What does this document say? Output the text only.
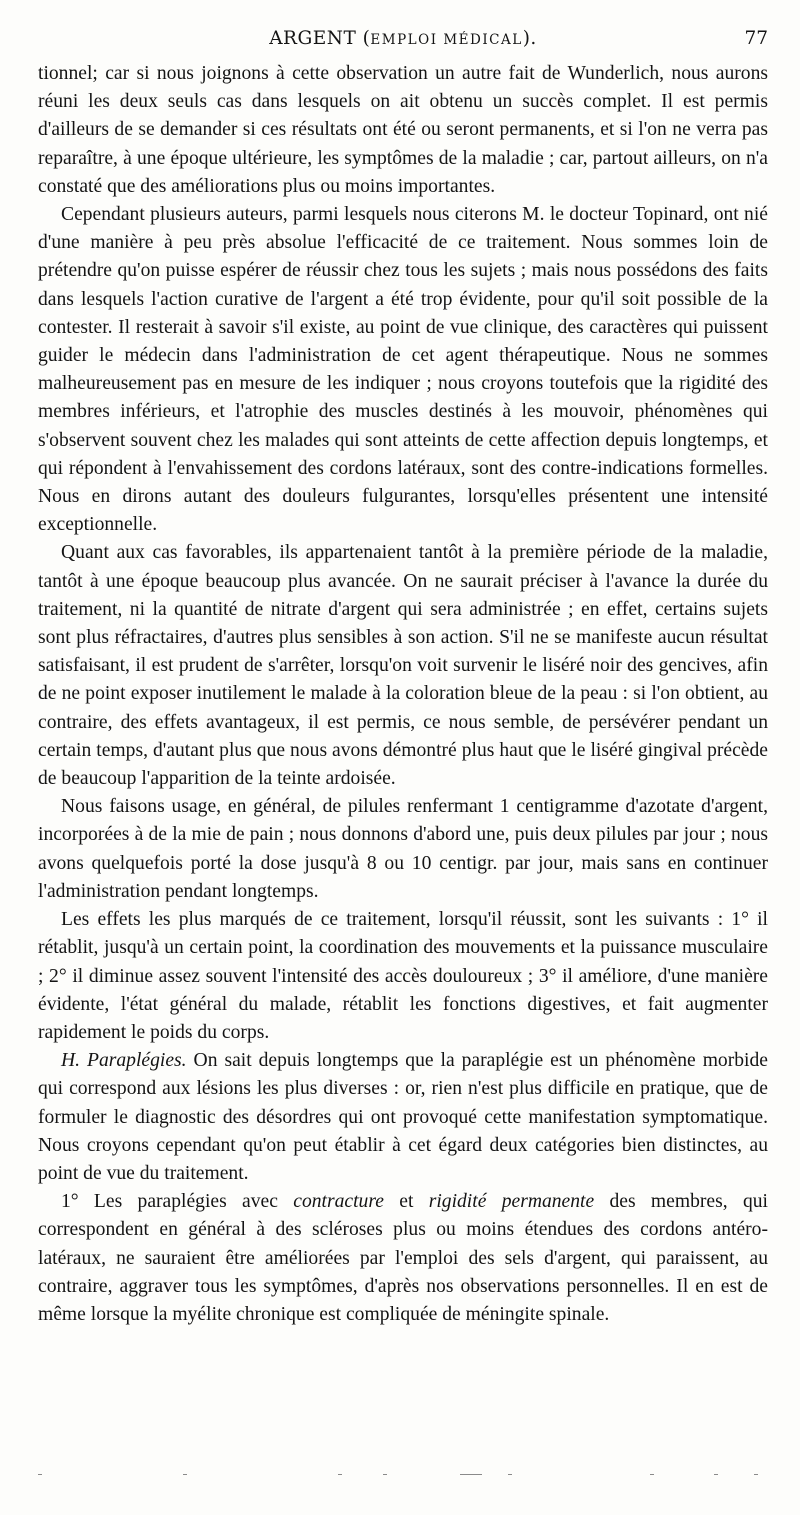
ARGENT (EMPLOI MÉDICAL).	77

tionnel; car si nous joignons à cette observation un autre fait de Wunderlich, nous aurons réuni les deux seuls cas dans lesquels on ait obtenu un succès complet. Il est permis d'ailleurs de se demander si ces résultats ont été ou seront permanents, et si l'on ne verra pas reparaître, à une époque ultérieure, les symptômes de la maladie ; car, partout ailleurs, on n'a constaté que des améliorations plus ou moins importantes.

Cependant plusieurs auteurs, parmi lesquels nous citerons M. le docteur Topinard, ont nié d'une manière à peu près absolue l'efficacité de ce traitement. Nous sommes loin de prétendre qu'on puisse espérer de réussir chez tous les sujets ; mais nous possédons des faits dans lesquels l'action curative de l'argent a été trop évidente, pour qu'il soit possible de la contester. Il resterait à savoir s'il existe, au point de vue clinique, des caractères qui puissent guider le médecin dans l'administration de cet agent thérapeutique. Nous ne sommes malheureusement pas en mesure de les indiquer ; nous croyons toutefois que la rigidité des membres inférieurs, et l'atrophie des muscles destinés à les mouvoir, phénomènes qui s'observent souvent chez les malades qui sont atteints de cette affection depuis longtemps, et qui répondent à l'envahissement des cordons latéraux, sont des contre-indications formelles. Nous en dirons autant des douleurs fulgurantes, lorsqu'elles présentent une intensité exceptionnelle.

Quant aux cas favorables, ils appartenaient tantôt à la première période de la maladie, tantôt à une époque beaucoup plus avancée. On ne saurait préciser à l'avance la durée du traitement, ni la quantité de nitrate d'argent qui sera administrée ; en effet, certains sujets sont plus réfractaires, d'autres plus sensibles à son action. S'il ne se manifeste aucun résultat satisfaisant, il est prudent de s'arrêter, lorsqu'on voit survenir le liséré noir des gencives, afin de ne point exposer inutilement le malade à la coloration bleue de la peau : si l'on obtient, au contraire, des effets avantageux, il est permis, ce nous semble, de persévérer pendant un certain temps, d'autant plus que nous avons démontré plus haut que le liséré gingival précède de beaucoup l'apparition de la teinte ardoisée.

Nous faisons usage, en général, de pilules renfermant 1 centigramme d'azotate d'argent, incorporées à de la mie de pain ; nous donnons d'abord une, puis deux pilules par jour ; nous avons quelquefois porté la dose jusqu'à 8 ou 10 centigr. par jour, mais sans en continuer l'administration pendant longtemps.

Les effets les plus marqués de ce traitement, lorsqu'il réussit, sont les suivants : 1° il rétablit, jusqu'à un certain point, la coordination des mouvements et la puissance musculaire ; 2° il diminue assez souvent l'intensité des accès douloureux ; 3° il améliore, d'une manière évidente, l'état général du malade, rétablit les fonctions digestives, et fait augmenter rapidement le poids du corps.

H. Paraplégies. On sait depuis longtemps que la paraplégie est un phénomène morbide qui correspond aux lésions les plus diverses : or, rien n'est plus difficile en pratique, que de formuler le diagnostic des désordres qui ont provoqué cette manifestation symptomatique. Nous croyons cependant qu'on peut établir à cet égard deux catégories bien distinctes, au point de vue du traitement.

1° Les paraplégies avec contracture et rigidité permanente des membres, qui correspondent en général à des scléroses plus ou moins étendues des cordons antéro-latéraux, ne sauraient être améliorées par l'emploi des sels d'argent, qui paraissent, au contraire, aggraver tous les symptômes, d'après nos observations personnelles. Il en est de même lorsque la myélite chronique est compliquée de méningite spinale.
